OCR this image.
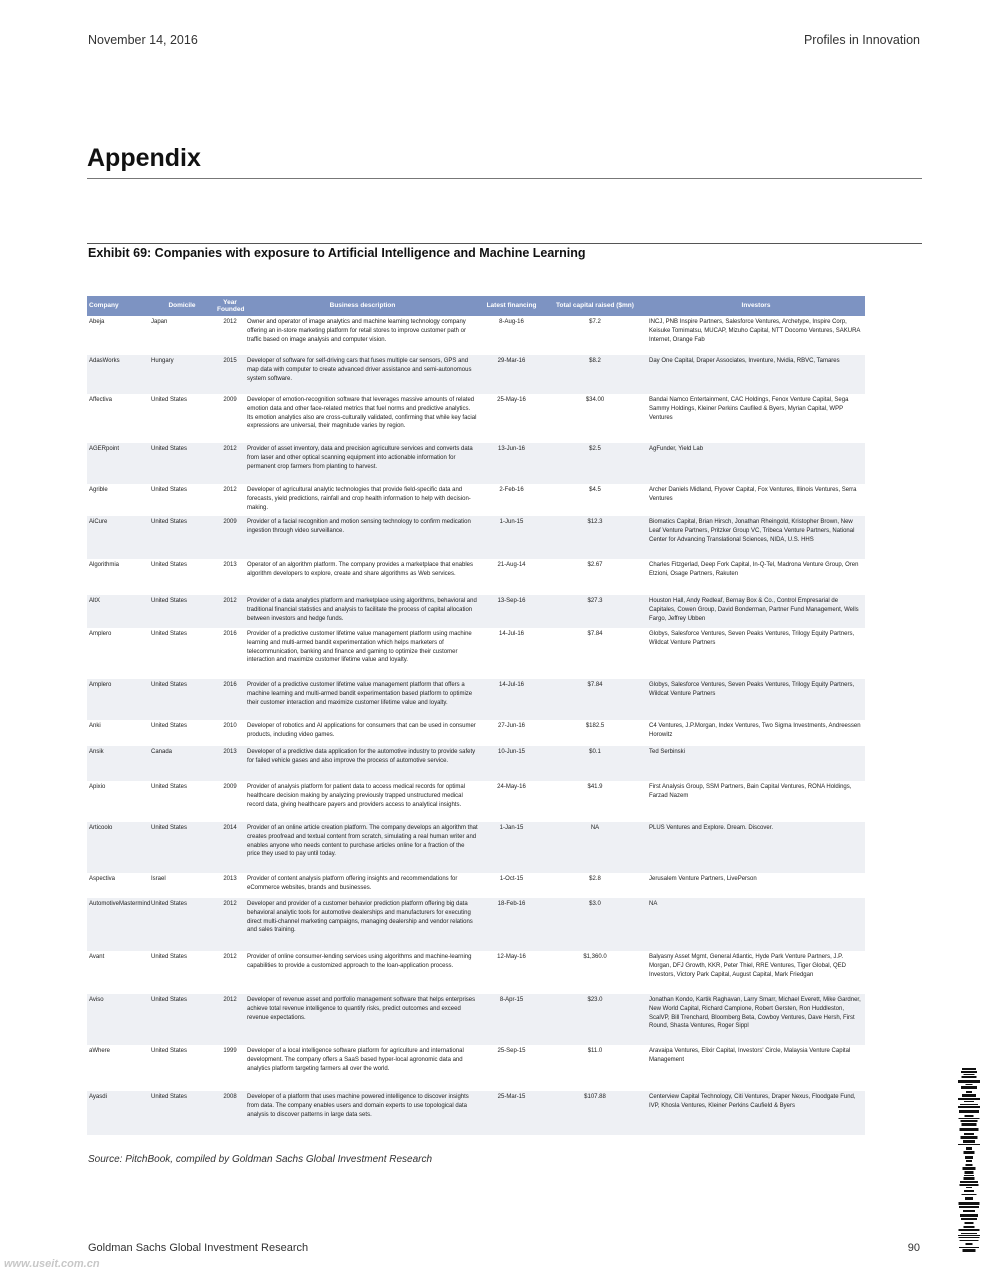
November 14, 2016	Profiles in Innovation
Appendix
Exhibit 69: Companies with exposure to Artificial Intelligence and Machine Learning
Company	Domicile	Year Founded	Business description	Latest financing	Total capital raised ($mn)	Investors
Abeja	Japan	2012	Owner and operator of image analytics and machine learning technology company offering an in-store marketing platform for retail stores to improve customer path or traffic based on image analysis and computer vision.	8-Aug-16	$7.2	INCJ, PNB Inspire Partners, Salesforce Ventures, Archetype, Inspire Corp, Keisuke Tomimatsu, MUCAP, Mizuho Capital, NTT Docomo Ventures, SAKURA Internet, Orange Fab
AdasWorks	Hungary	2015	Developer of software for self-driving cars that fuses multiple car sensors, GPS and map data with computer to create advanced driver assistance and semi-autonomous system software.	29-Mar-16	$8.2	Day One Capital, Draper Associates, Inventure, Nvidia, RBVC, Tamares
Affectiva	United States	2009	Developer of emotion-recognition software that leverages massive amounts of related emotion data and other face-related metrics that fuel norms and predictive analytics. Its emotion analytics also are cross-culturally validated, confirming that while key facial expressions are universal, their magnitude varies by region.	25-May-16	$34.00	Bandai Namco Entertainment, CAC Holdings, Fenox Venture Capital, Sega Sammy Holdings, Kleiner Perkins Caufiled & Byers, Myrian Capital, WPP Ventures
AGERpoint	United States	2012	Provider of asset inventory, data and precision agriculture services and converts data from laser and other optical scanning equipment into actionable information for permanent crop farmers from planting to harvest.	13-Jun-16	$2.5	AgFunder, Yield Lab
Agrible	United States	2012	Developer of agricultural analytic technologies that provide field-specific data and forecasts, yield predictions, rainfall and crop health information to help with decision-making.	2-Feb-16	$4.5	Archer Daniels Midland, Flyover Capital, Fox Ventures, Illinois Ventures, Serra Ventures
AiCure	United States	2009	Provider of a facial recognition and motion sensing technology to confirm medication ingestion through video surveillance.	1-Jun-15	$12.3	Biomatics Capital, Brian Hirsch, Jonathan Rheingold, Kristopher Brown, New Leaf Venture Partners, Pritzker Group VC, Tribeca Venture Partners, National Center for Advancing Translational Sciences, NIDA, U.S. HHS
Algorithmia	United States	2013	Operator of an algorithm platform. The company provides a marketplace that enables algorithm developers to explore, create and share algorithms as Web services.	21-Aug-14	$2.67	Charles Fitzgerlad, Deep Fork Capital, In-Q-Tel, Madrona Venture Group, Oren Etzioni, Osage Partners, Rakuten
AltX	United States	2012	Provider of a data analytics platform and marketplace using algorithms, behavioral and traditional financial statistics and analysis to facilitate the process of capital allocation between investors and hedge funds.	13-Sep-16	$27.3	Houston Hall, Andy Redleaf, Bernay Box & Co., Control Empresarial de Capitales, Cowen Group, David Bonderman, Partner Fund Management, Wells Fargo, Jeffrey Ubben
Amplero	United States	2016	Provider of a predictive customer lifetime value management platform using machine learning and multi-armed bandit experimentation which helps marketers of telecommunication, banking and finance and gaming to optimize their customer interaction and maximize customer lifetime value and loyalty.	14-Jul-16	$7.84	Globys, Salesforce Ventures, Seven Peaks Ventures, Trilogy Equity Partners, Wildcat Venture Partners
Amplero	United States	2016	Provider of a predictive customer lifetime value management platform that offers a machine learning and multi-armed bandit experimentation based platform to optimize their customer interaction and maximize customer lifetime value and loyalty.	14-Jul-16	$7.84	Globys, Salesforce Ventures, Seven Peaks Ventures, Trilogy Equity Partners, Wildcat Venture Partners
Anki	United States	2010	Developer of robotics and AI applications for consumers that can be used in consumer products, including video games.	27-Jun-16	$182.5	C4 Ventures, J.P.Morgan, Index Ventures, Two Sigma Investments, Andreessen Horowitz
Ansik	Canada	2013	Developer of a predictive data application for the automotive industry to provide safety for failed vehicle gases and also improve the process of automotive service.	10-Jun-15	$0.1	Ted Serbinski
Apixio	United States	2009	Provider of analysis platform for patient data to access medical records for optimal healthcare decision making by analyzing previously trapped unstructured medical record data, giving healthcare payers and providers access to analytical insights.	24-May-16	$41.9	First Analysis Group, SSM Partners, Bain Capital Ventures, RONA Holdings, Farzad Nazem
Articoolo	United States	2014	Provider of an online article creation platform. The company develops an algorithm that creates proofread and textual content from scratch, simulating a real human writer and enables anyone who needs content to purchase articles online for a fraction of the price they used to pay until today.	1-Jan-15	NA	PLUS Ventures and Explore. Dream. Discover.
Aspectiva	Israel	2013	Provider of content analysis platform offering insights and recommendations for eCommerce websites, brands and businesses.	1-Oct-15	$2.8	Jerusalem Venture Partners, LivePerson
AutomotiveMastermind	United States	2012	Developer and provider of a customer behavior prediction platform offering big data behavioral analytic tools for automotive dealerships and manufacturers for executing direct multi-channel marketing campaigns, managing dealership and vendor relations and sales training.	18-Feb-16	$3.0	NA
Avant	United States	2012	Provider of online consumer-lending services using algorithms and machine-learning capabilities to provide a customized approach to the loan-application process.	12-May-16	$1,360.0	Balyasny Asset Mgmt, General Atlantic, Hyde Park Venture Partners, J.P. Morgan, DFJ Growth, KKR, Peter Thiel, RRE Ventures, Tiger Global, QED Investors, Victory Park Capital, August Capital, Mark Friedgan
Aviso	United States	2012	Developer of revenue asset and portfolio management software that helps enterprises achieve total revenue intelligence to quantify risks, predict outcomes and exceed revenue expectations.	8-Apr-15	$23.0	Jonathan Kondo, Kartik Raghavan, Larry Smarr, Michael Everett, Mike Gardner, New World Capital, Richard Campione, Robert Gersten, Ron Huddleston, ScalVP, Bill Trenchard, Bloomberg Beta, Cowboy Ventures, Dave Hersh, First Round, Shasta Ventures, Roger Sippl
aWhere	United States	1999	Developer of a local intelligence software platform for agriculture and international development. The company offers a SaaS based hyper-local agronomic data and analytics platform targeting farmers all over the world.	25-Sep-15	$11.0	Aravaipa Ventures, Elixir Capital, Investors' Circle, Malaysia Venture Capital Management
Ayasdi	United States	2008	Developer of a platform that uses machine powered intelligence to discover insights from data. The company enables users and domain experts to use topological data analysis to discover patterns in large data sets.	25-Mar-15	$107.88	Centerview Capital Technology, Citi Ventures, Draper Nexus, Floodgate Fund, IVP, Khosla Ventures, Kleiner Perkins Caufield & Byers
Source: PitchBook, compiled by Goldman Sachs Global Investment Research
Goldman Sachs Global Investment Research	90
www.useit.com.cn
